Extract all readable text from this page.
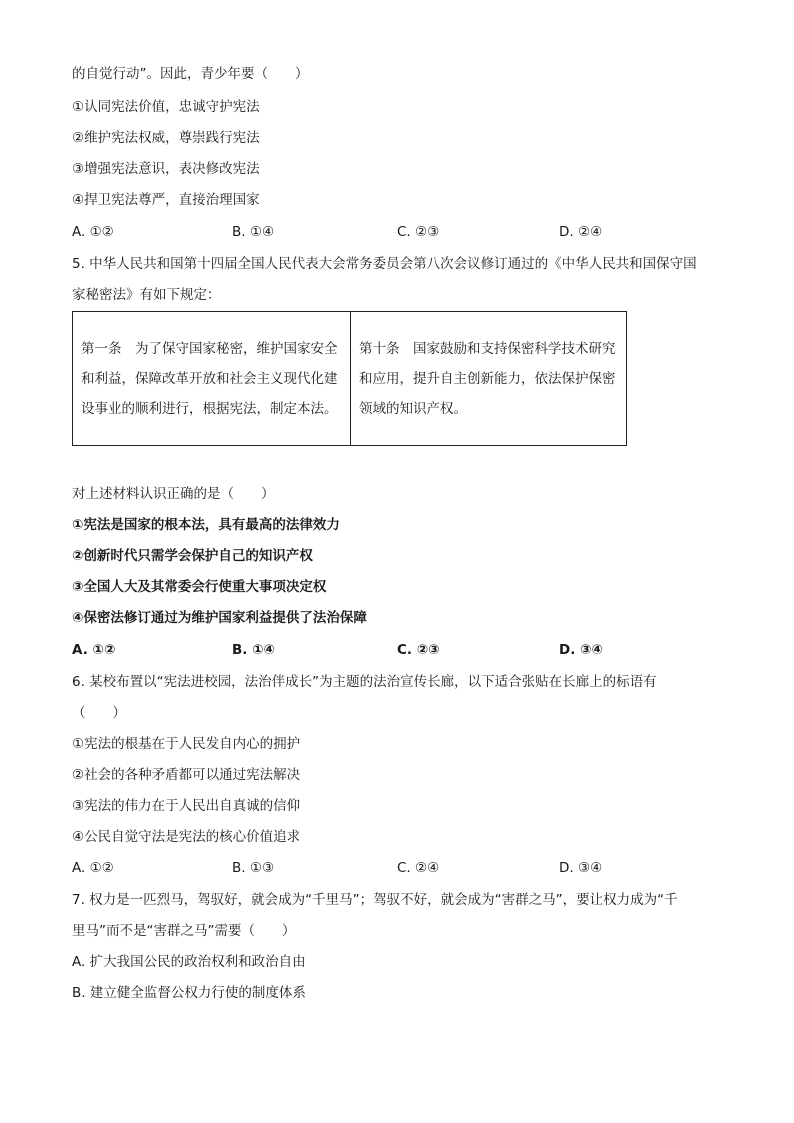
的自觉行动”。因此，青少年要（　　）
①认同宪法价值，忠诚守护宪法
②维护宪法权威，尊崇践行宪法
③增强宪法意识，表决修改宪法
④捍卫宪法尊严，直接治理国家
A. ①②	B. ①④	C. ②③	D. ②④
5. 中华人民共和国第十四届全国人民代表大会常务委员会第八次会议修订通过的《中华人民共和国保守国
家秘密法》有如下规定：
第一条　为了保守国家秘密，维护国家安全和利益，保障改革开放和社会主义现代化建设事业的顺利进行，根据宪法，制定本法。	第十条　国家鼓励和支持保密科学技术研究和应用，提升自主创新能力，依法保护保密领域的知识产权。
对上述材料认识正确的是（　　）
①宪法是国家的根本法，具有最高的法律效力
②创新时代只需学会保护自己的知识产权
③全国人大及其常委会行使重大事项决定权
④保密法修订通过为维护国家利益提供了法治保障
A. ①②	B. ①④	C. ②③	D. ③④
6. 某校布置以“宪法进校园，法治伴成长”为主题的法治宣传长廊，以下适合张贴在长廊上的标语有
（　　）
①宪法的根基在于人民发自内心的拥护
②社会的各种矛盾都可以通过宪法解决
③宪法的伟力在于人民出自真诚的信仰
④公民自觉守法是宪法的核心价值追求
A. ①②	B. ①③	C. ②④	D. ③④
7. 权力是一匹烈马，驾驭好，就会成为“千里马”；驾驭不好，就会成为“害群之马”，要让权力成为“千
里马”而不是“害群之马”需要（　　）
A. 扩大我国公民的政治权利和政治自由
B. 建立健全监督公权力行使的制度体系
